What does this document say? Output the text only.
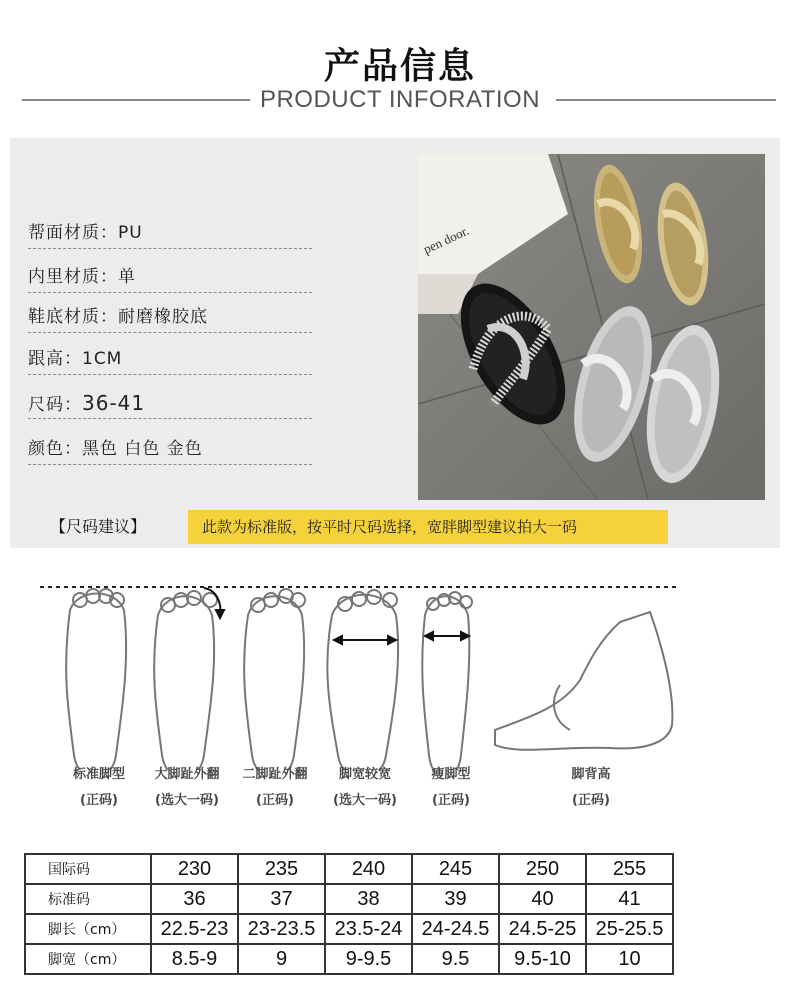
产品信息
PRODUCT INFORATION
帮面材质：PU
内里材质：单
鞋底材质：耐磨橡胶底
跟高：1CM
尺码：36-41
颜色：黑色 白色 金色
pen door.
【尺码建议】	此款为标准版，按平时尺码选择，宽胖脚型建议拍大一码
标准脚型
(正码)
大脚趾外翻
(选大一码)
二脚趾外翻
(正码)
脚宽较宽
(选大一码)
瘦脚型
(正码)
脚背高
(正码)
国际码	230	235	240	245	250	255
标准码	36	37	38	39	40	41
脚长（cm）	22.5-23	23-23.5	23.5-24	24-24.5	24.5-25	25-25.5
脚宽（cm）	8.5-9	9	9-9.5	9.5	9.5-10	10
